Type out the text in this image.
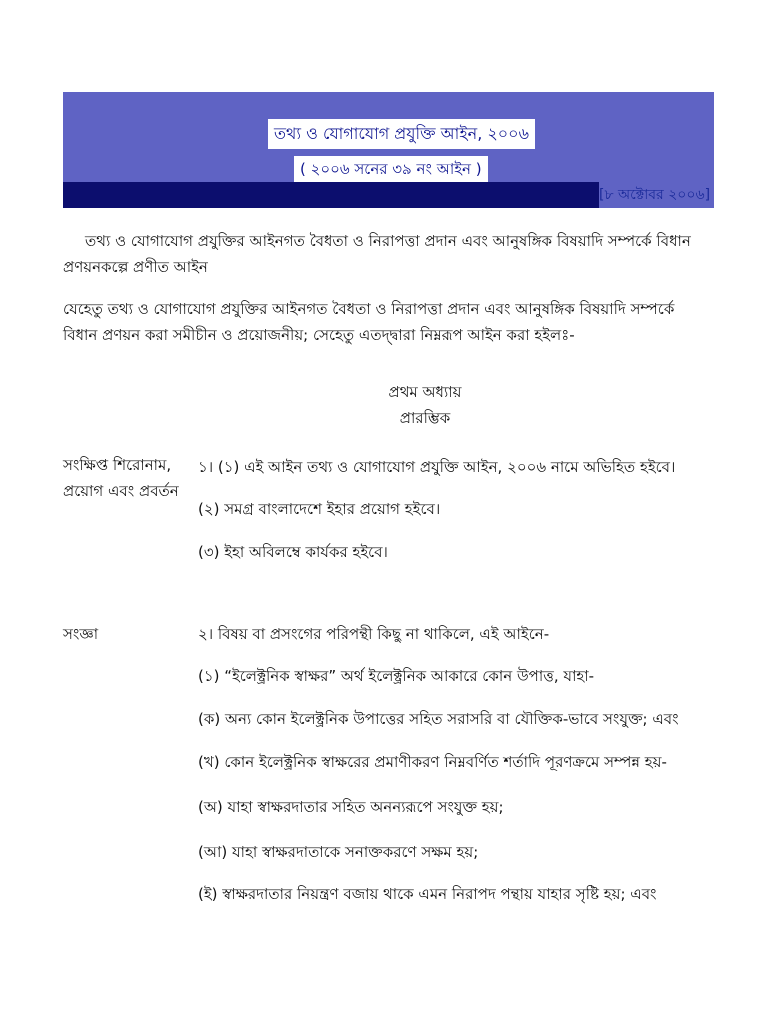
তথ্য ও যোগাযোগ প্রযুক্তি আইন, ২০০৬
( ২০০৬ সনের ৩৯ নং আইন )
[৮ অক্টোবর ২০০৬]

তথ্য ও যোগাযোগ প্রযুক্তির আইনগত বৈধতা ও নিরাপত্তা প্রদান এবং আনুষঙ্গিক বিষয়াদি সম্পর্কে বিধান প্রণয়নকল্পে প্রণীত আইন

যেহেতু তথ্য ও যোগাযোগ প্রযুক্তির আইনগত বৈধতা ও নিরাপত্তা প্রদান এবং আনুষঙ্গিক বিষয়াদি সম্পর্কে বিধান প্রণয়ন করা সমীচীন ও প্রয়োজনীয়; সেহেতু এতদ্দ্বারা নিম্নরূপ আইন করা হইলঃ-

প্রথম অধ্যায়
প্রারম্ভিক
সংক্ষিপ্ত শিরোনাম, প্রয়োগ এবং প্রবর্তন
১। (১) এই আইন তথ্য ও যোগাযোগ প্রযুক্তি আইন, ২০০৬ নামে অভিহিত হইবে।
(২) সমগ্র বাংলাদেশে ইহার প্রয়োগ হইবে।
(৩) ইহা অবিলম্বে কার্যকর হইবে।
সংজ্ঞা	২। বিষয় বা প্রসংগের পরিপন্থী কিছু না থাকিলে, এই আইনে-
(১) “ইলেক্ট্রনিক স্বাক্ষর” অর্থ ইলেক্ট্রনিক আকারে কোন উপাত্ত, যাহা-
(ক) অন্য কোন ইলেক্ট্রনিক উপাত্তের সহিত সরাসরি বা যৌক্তিক-ভাবে সংযুক্ত; এবং
(খ) কোন ইলেক্ট্রনিক স্বাক্ষরের প্রমাণীকরণ নিম্নবর্ণিত শর্তাদি পূরণক্রমে সম্পন্ন হয়-
(অ) যাহা স্বাক্ষরদাতার সহিত অনন্যরূপে সংযুক্ত হয়;
(আ) যাহা স্বাক্ষরদাতাকে সনাক্তকরণে সক্ষম হয়;
(ই) স্বাক্ষরদাতার নিয়ন্ত্রণ বজায় থাকে এমন নিরাপদ পন্থায় যাহার সৃষ্টি হয়; এবং
